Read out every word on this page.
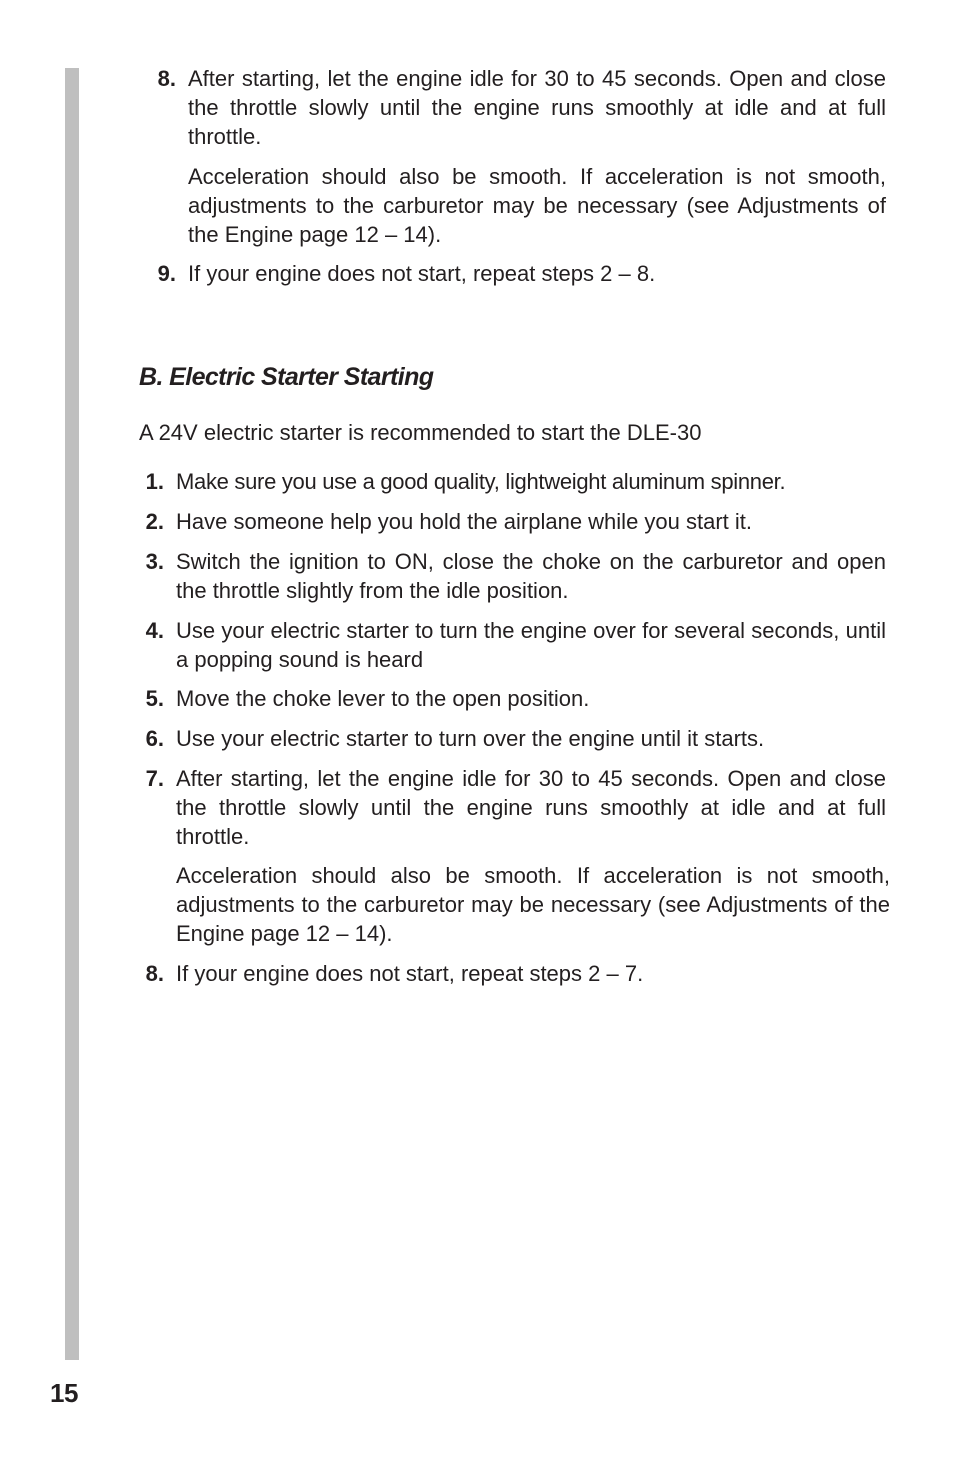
8. After starting, let the engine idle for 30 to 45 seconds. Open and close the throttle slowly until the engine runs smoothly at idle and at full throttle.
Acceleration should also be smooth. If acceleration is not smooth, adjustments to the carburetor may be necessary (see Adjustments of the Engine page 12 – 14).
9. If your engine does not start, repeat steps 2 – 8.
B. Electric Starter Starting
A 24V electric starter is recommended to start the DLE-30
1. Make sure you use a good quality, lightweight aluminum spinner.
2. Have someone help you hold the airplane while you start it.
3. Switch the ignition to ON, close the choke on the carburetor and open the throttle slightly from the idle position.
4. Use your electric starter to turn the engine over for several seconds, until a popping sound is heard
5. Move the choke lever to the open position.
6. Use your electric starter to turn over the engine until it starts.
7. After starting, let the engine idle for 30 to 45 seconds. Open and close the throttle slowly until the engine runs smoothly at idle and at full throttle.
Acceleration should also be smooth. If acceleration is not smooth, adjustments to the carburetor may be necessary (see Adjustments of the Engine page 12 – 14).
8. If your engine does not start, repeat steps 2 – 7.
15
